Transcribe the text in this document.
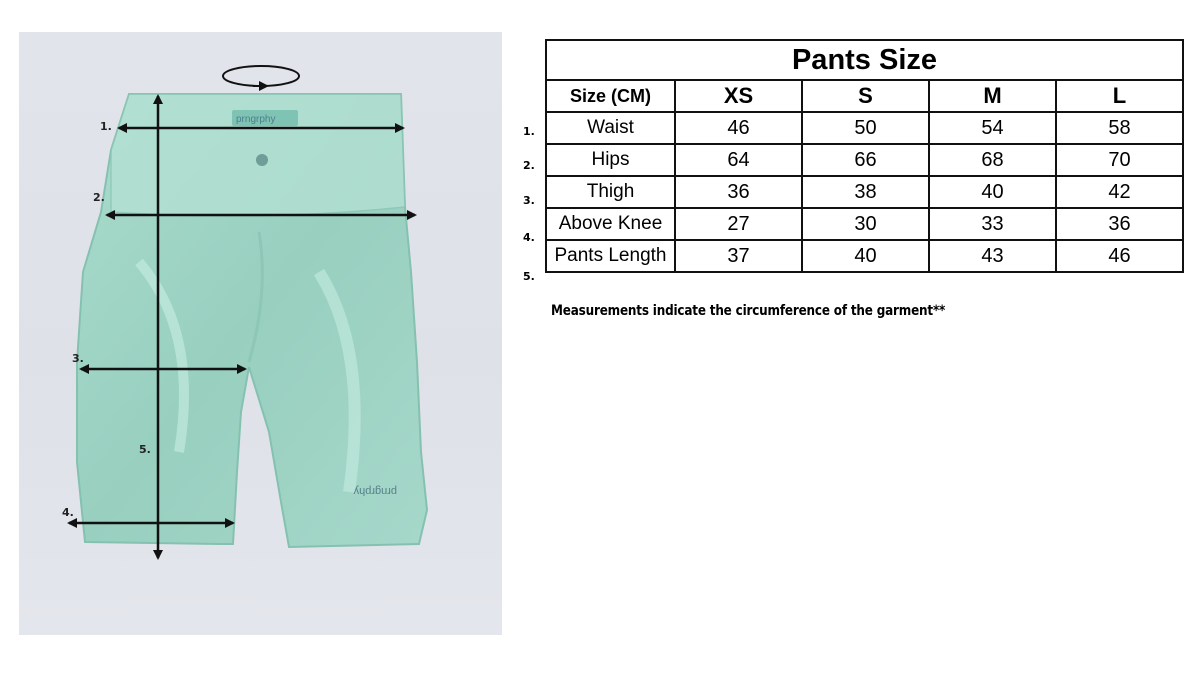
prngrphy
prngrphy
1.
2.
3.
4.
5.
1.
2.
3.
4.
5.
Pants Size				
Size (CM)	XS	S	M	L
Waist	46	50	54	58
Hips	64	66	68	70
Thigh	36	38	40	42
Above Knee	27	30	33	36
Pants Length	37	40	43	46
Measurements indicate the circumference of the garment**
